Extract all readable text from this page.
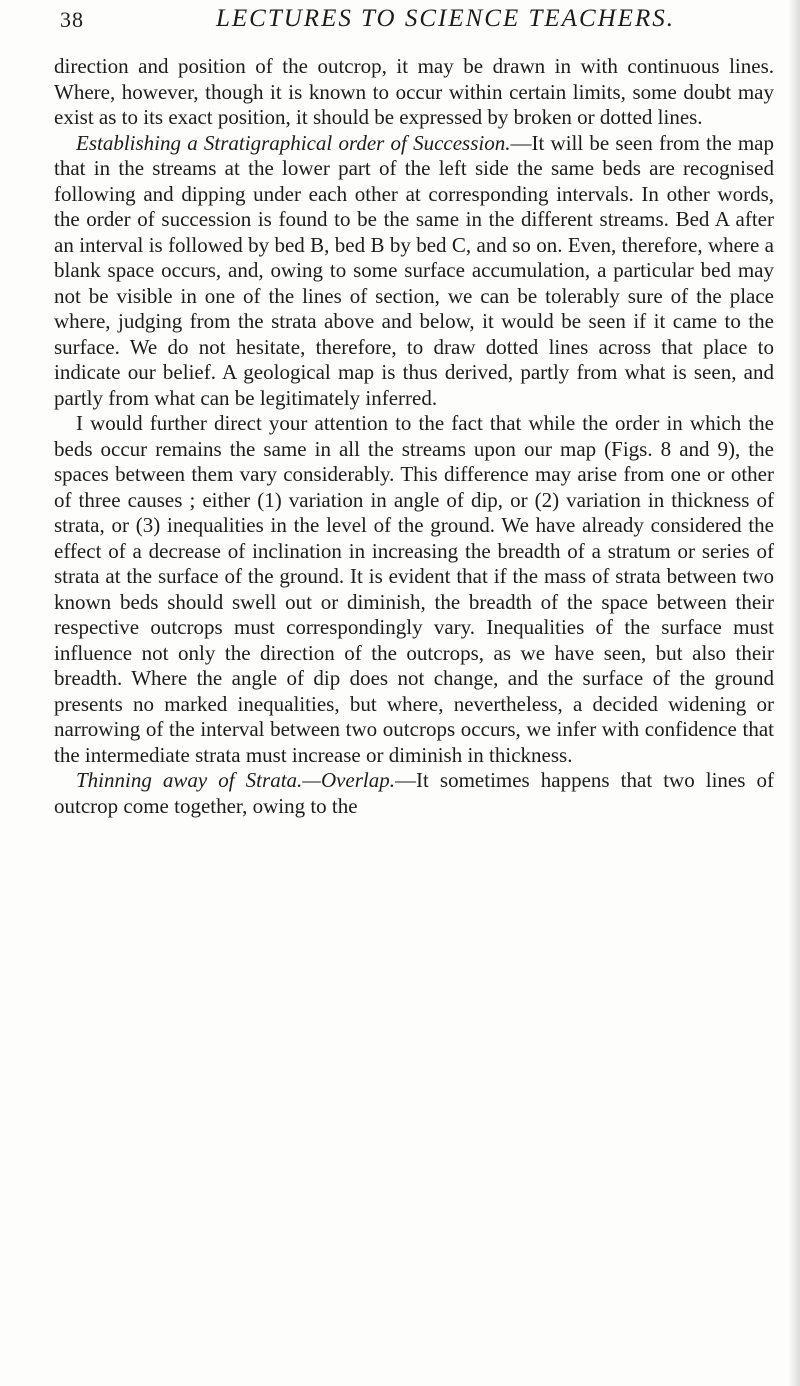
38	LECTURES TO SCIENCE TEACHERS.

direction and position of the outcrop, it may be drawn in with continuous lines. Where, however, though it is known to occur within certain limits, some doubt may exist as to its exact position, it should be expressed by broken or dotted lines.

Establishing a Stratigraphical order of Succession.—It will be seen from the map that in the streams at the lower part of the left side the same beds are recognised following and dipping under each other at corresponding intervals. In other words, the order of succession is found to be the same in the different streams. Bed A after an interval is followed by bed B, bed B by bed C, and so on. Even, therefore, where a blank space occurs, and, owing to some surface accumulation, a particular bed may not be visible in one of the lines of section, we can be tolerably sure of the place where, judging from the strata above and below, it would be seen if it came to the surface. We do not hesitate, therefore, to draw dotted lines across that place to indicate our belief. A geological map is thus derived, partly from what is seen, and partly from what can be legitimately inferred.

I would further direct your attention to the fact that while the order in which the beds occur remains the same in all the streams upon our map (Figs. 8 and 9), the spaces between them vary considerably. This difference may arise from one or other of three causes ; either (1) variation in angle of dip, or (2) variation in thickness of strata, or (3) inequalities in the level of the ground. We have already considered the effect of a decrease of inclination in increasing the breadth of a stratum or series of strata at the surface of the ground. It is evident that if the mass of strata between two known beds should swell out or diminish, the breadth of the space between their respective outcrops must correspondingly vary. Inequalities of the surface must influence not only the direction of the outcrops, as we have seen, but also their breadth. Where the angle of dip does not change, and the surface of the ground presents no marked inequalities, but where, nevertheless, a decided widening or narrowing of the interval between two outcrops occurs, we infer with confidence that the intermediate strata must increase or diminish in thickness.

Thinning away of Strata.—Overlap.—It sometimes happens that two lines of outcrop come together, owing to the
